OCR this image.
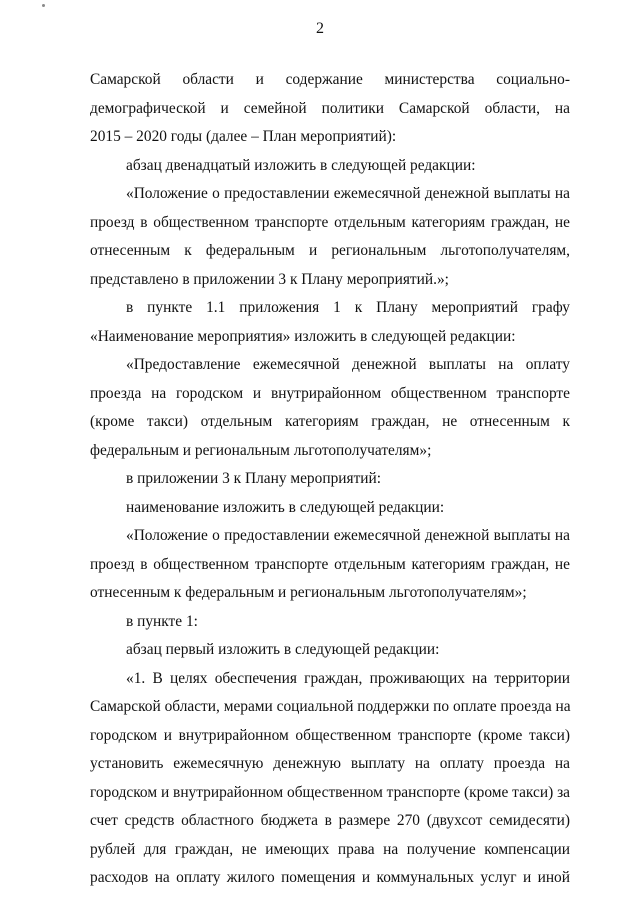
2
Самарской области и содержание министерства социально-
демографической и семейной политики Самарской области, на
2015 – 2020 годы (далее – План мероприятий):
абзац двенадцатый изложить в следующей редакции:
«Положение о предоставлении ежемесячной денежной выплаты на
проезд в общественном транспорте отдельным категориям граждан, не
отнесенным к федеральным и региональным льготополучателям,
представлено в приложении 3 к Плану мероприятий.»;
в пункте 1.1 приложения 1 к Плану мероприятий графу
«Наименование мероприятия» изложить в следующей редакции:
«Предоставление ежемесячной денежной выплаты на оплату
проезда на городском и внутрирайонном общественном транспорте
(кроме такси) отдельным категориям граждан, не отнесенным к
федеральным и региональным льготополучателям»;
в приложении 3 к Плану мероприятий:
наименование изложить в следующей редакции:
«Положение о предоставлении ежемесячной денежной выплаты на
проезд в общественном транспорте отдельным категориям граждан, не
отнесенным к федеральным и региональным льготополучателям»;
в пункте 1:
абзац первый изложить в следующей редакции:
«1. В целях обеспечения граждан, проживающих на территории
Самарской области, мерами социальной поддержки по оплате проезда на
городском и внутрирайонном общественном транспорте (кроме такси)
установить ежемесячную денежную выплату на оплату проезда на
городском и внутрирайонном общественном транспорте (кроме такси) за
счет средств областного бюджета в размере 270 (двухсот семидесяти)
рублей для граждан, не имеющих права на получение компенсации
расходов на оплату жилого помещения и коммунальных услуг и иной
